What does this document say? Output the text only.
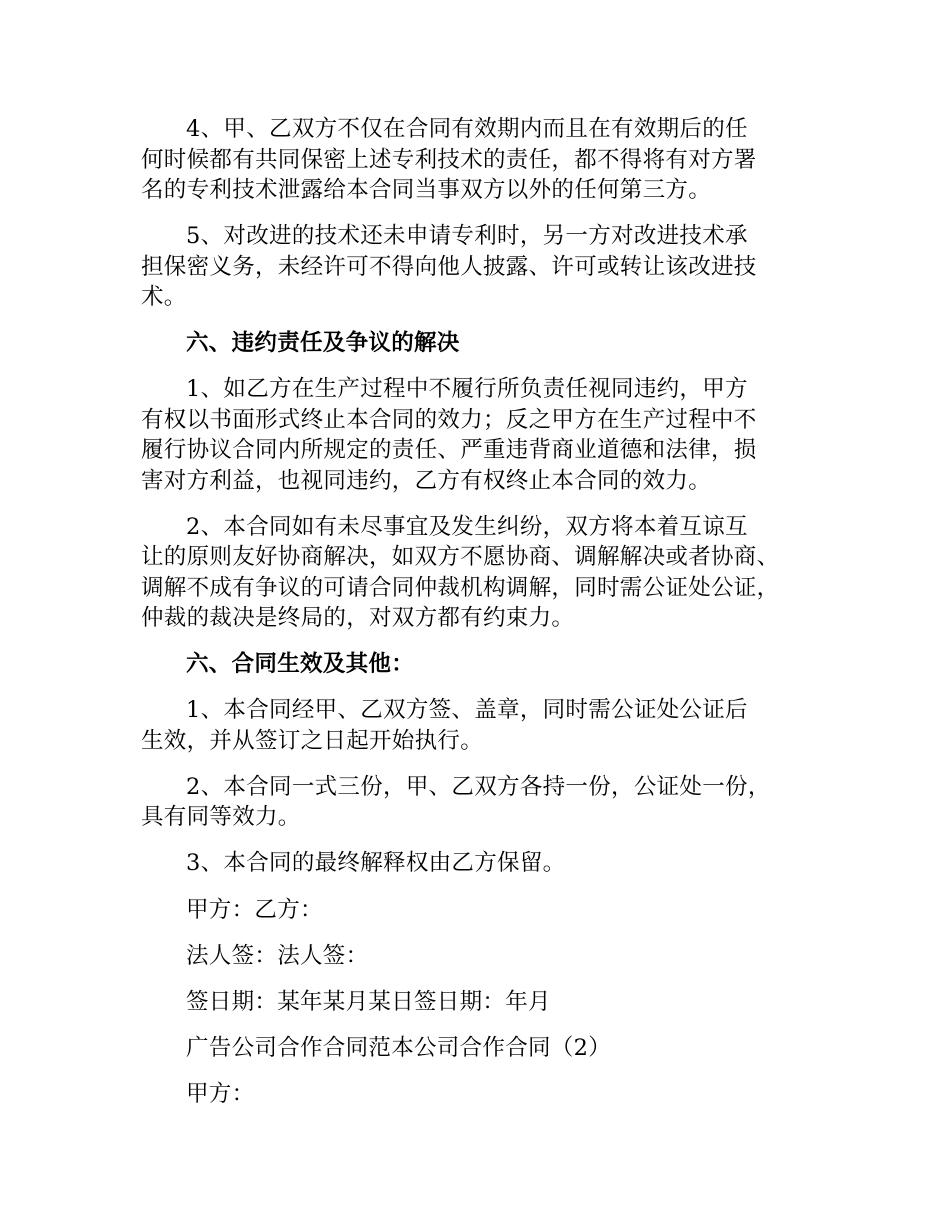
4、甲、乙双方不仅在合同有效期内而且在有效期后的任
何时候都有共同保密上述专利技术的责任，都不得将有对方署
名的专利技术泄露给本合同当事双方以外的任何第三方。
5、对改进的技术还未申请专利时，另一方对改进技术承
担保密义务，未经许可不得向他人披露、许可或转让该改进技
术。
六、违约责任及争议的解决
1、如乙方在生产过程中不履行所负责任视同违约，甲方
有权以书面形式终止本合同的效力；反之甲方在生产过程中不
履行协议合同内所规定的责任、严重违背商业道德和法律，损
害对方利益，也视同违约，乙方有权终止本合同的效力。
2、本合同如有未尽事宜及发生纠纷，双方将本着互谅互
让的原则友好协商解决，如双方不愿协商、调解解决或者协商、
调解不成有争议的可请合同仲裁机构调解，同时需公证处公证，
仲裁的裁决是终局的，对双方都有约束力。
六、合同生效及其他：
1、本合同经甲、乙双方签、盖章，同时需公证处公证后
生效，并从签订之日起开始执行。
2、本合同一式三份，甲、乙双方各持一份，公证处一份，
具有同等效力。
3、本合同的最终解释权由乙方保留。
甲方：乙方：
法人签：法人签：
签日期：某年某月某日签日期：年月
广告公司合作合同范本公司合作合同（2）
甲方：
